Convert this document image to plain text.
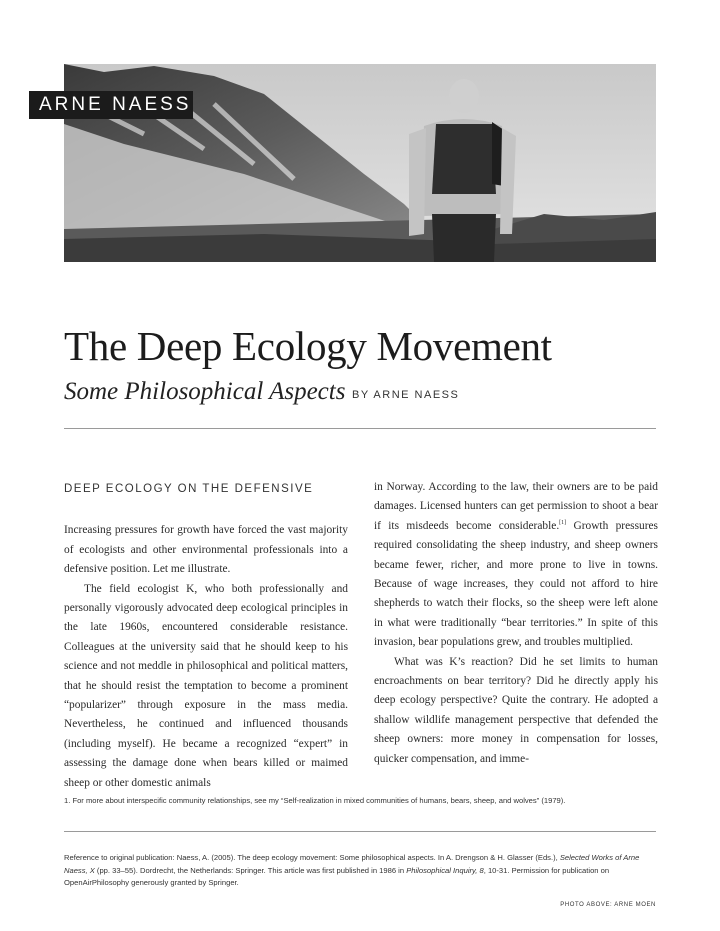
ARNE NAESS
The Deep Ecology Movement
Some Philosophical Aspects BY ARNE NAESS
DEEP ECOLOGY ON THE DEFENSIVE

Increasing pressures for growth have forced the vast majority of ecologists and other environmental professionals into a defensive position. Let me illustrate.

The field ecologist K, who both professionally and personally vigorously advocated deep ecological principles in the late 1960s, encountered considerable resistance. Colleagues at the university said that he should keep to his science and not meddle in philosophical and political matters, that he should resist the temptation to become a prominent “popularizer” through exposure in the mass media. Nevertheless, he continued and influenced thousands (including myself). He became a recognized “expert” in assessing the damage done when bears killed or maimed sheep or other domestic animals

in Norway. According to the law, their owners are to be paid damages. Licensed hunters can get permission to shoot a bear if its misdeeds become considerable.[1] Growth pressures required consolidating the sheep industry, and sheep owners became fewer, richer, and more prone to live in towns. Because of wage increases, they could not afford to hire shepherds to watch their flocks, so the sheep were left alone in what were traditionally “bear territories.” In spite of this invasion, bear populations grew, and troubles multiplied.

What was K’s reaction? Did he set limits to human encroachments on bear territory? Did he directly apply his deep ecology perspective? Quite the contrary. He adopted a shallow wildlife management perspective that defended the sheep owners: more money in compensation for losses, quicker compensation, and imme-

1. For more about interspecific community relationships, see my “Self-realization in mixed communities of humans, bears, sheep, and wolves” (1979).
Reference to original publication: Naess, A. (2005). The deep ecology movement: Some philosophical aspects. In A. Drengson & H. Glasser (Eds.), Selected Works of Arne Naess, X (pp. 33–55). Dordrecht, the Netherlands: Springer. This article was first published in 1986 in Philosophical Inquiry, 8, 10-31. Permission for publication on OpenAirPhilosophy generously granted by Springer.
PHOTO ABOVE: ARNE MOEN
